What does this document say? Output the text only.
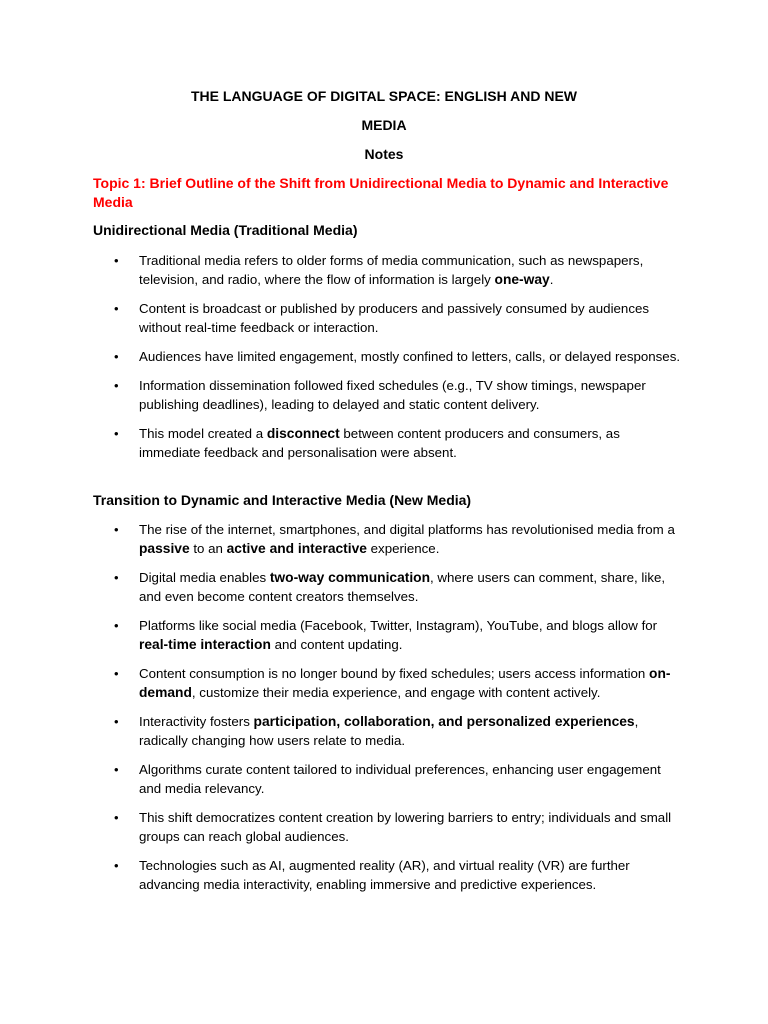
THE LANGUAGE OF DIGITAL SPACE: ENGLISH AND NEW
MEDIA
Notes
Topic 1: Brief Outline of the Shift from Unidirectional Media to Dynamic and Interactive Media
Unidirectional Media (Traditional Media)
• Traditional media refers to older forms of media communication, such as newspapers, television, and radio, where the flow of information is largely one-way.
• Content is broadcast or published by producers and passively consumed by audiences without real-time feedback or interaction.
• Audiences have limited engagement, mostly confined to letters, calls, or delayed responses.
• Information dissemination followed fixed schedules (e.g., TV show timings, newspaper publishing deadlines), leading to delayed and static content delivery.
• This model created a disconnect between content producers and consumers, as immediate feedback and personalisation were absent.
Transition to Dynamic and Interactive Media (New Media)
• The rise of the internet, smartphones, and digital platforms has revolutionised media from a passive to an active and interactive experience.
• Digital media enables two-way communication, where users can comment, share, like, and even become content creators themselves.
• Platforms like social media (Facebook, Twitter, Instagram), YouTube, and blogs allow for real-time interaction and content updating.
• Content consumption is no longer bound by fixed schedules; users access information on-demand, customize their media experience, and engage with content actively.
• Interactivity fosters participation, collaboration, and personalized experiences, radically changing how users relate to media.
• Algorithms curate content tailored to individual preferences, enhancing user engagement and media relevancy.
• This shift democratizes content creation by lowering barriers to entry; individuals and small groups can reach global audiences.
• Technologies such as AI, augmented reality (AR), and virtual reality (VR) are further advancing media interactivity, enabling immersive and predictive experiences.
